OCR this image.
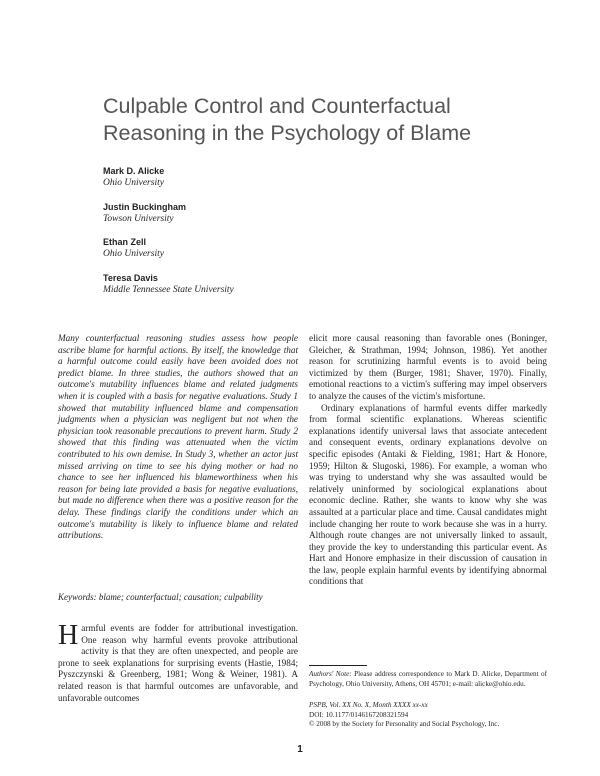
Culpable Control and Counterfactual
Reasoning in the Psychology of Blame
Mark D. Alicke
Ohio University
Justin Buckingham
Towson University
Ethan Zell
Ohio University
Teresa Davis
Middle Tennessee State University
Many counterfactual reasoning studies assess how people ascribe blame for harmful actions. By itself, the knowledge that a harmful outcome could easily have been avoided does not predict blame. In three studies, the authors showed that an outcome's mutability influences blame and related judgments when it is coupled with a basis for negative evaluations. Study 1 showed that mutability influenced blame and compensation judgments when a physician was negligent but not when the physician took reasonable precautions to prevent harm. Study 2 showed that this finding was attenuated when the victim contributed to his own demise. In Study 3, whether an actor just missed arriving on time to see his dying mother or had no chance to see her influenced his blameworthiness when his reason for being late provided a basis for negative evaluations, but made no difference when there was a positive reason for the delay. These findings clarify the conditions under which an outcome's mutability is likely to influence blame and related attributions.
Keywords: blame; counterfactual; causation; culpability
Harmful events are fodder for attributional investigation. One reason why harmful events provoke attributional activity is that they are often unexpected, and people are prone to seek explanations for surprising events (Hastie, 1984; Pyszczynski & Greenberg, 1981; Wong & Weiner, 1981). A related reason is that harmful outcomes are unfavorable, and unfavorable outcomes

elicit more causal reasoning than favorable ones (Boninger, Gleicher, & Strathman, 1994; Johnson, 1986). Yet another reason for scrutinizing harmful events is to avoid being victimized by them (Burger, 1981; Shaver, 1970). Finally, emotional reactions to a victim's suffering may impel observers to analyze the causes of the victim's misfortune.

Ordinary explanations of harmful events differ markedly from formal scientific explanations. Whereas scientific explanations identify universal laws that associate antecedent and consequent events, ordinary explanations devolve on specific episodes (Antaki & Fielding, 1981; Hart & Honore, 1959; Hilton & Slugoski, 1986). For example, a woman who was trying to understand why she was assaulted would be relatively uninformed by sociological explanations about economic decline. Rather, she wants to know why she was assaulted at a particular place and time. Causal candidates might include changing her route to work because she was in a hurry. Although route changes are not universally linked to assault, they provide the key to understanding this particular event. As Hart and Honore emphasize in their discussion of causation in the law, people explain harmful events by identifying abnormal conditions that

Authors' Note: Please address correspondence to Mark D. Alicke, Department of Psychology, Ohio University, Athens, OH 45701; e-mail: alicke@ohio.edu.
PSPB, Vol. XX No. X, Month XXXX xx-xx
DOI: 10.1177/0146167208321594
© 2008 by the Society for Personality and Social Psychology, Inc.
1
